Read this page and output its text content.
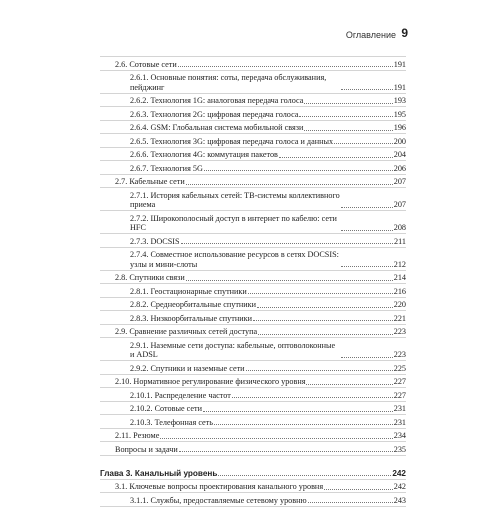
Оглавление 9
2.6. Сотовые сети	191
2.6.1. Основные понятия: соты, передача обслуживания, пейджинг	191
2.6.2. Технология 1G: аналоговая передача голоса	193
2.6.3. Технология 2G: цифровая передача голоса	195
2.6.4. GSM: Глобальная система мобильной связи	196
2.6.5. Технология 3G: цифровая передача голоса и данных	200
2.6.6. Технология 4G: коммутация пакетов	204
2.6.7. Технология 5G	206
2.7. Кабельные сети	207
2.7.1. История кабельных сетей: ТВ-системы коллективного приема	207
2.7.2. Широкополосный доступ в интернет по кабелю: сети HFC	208
2.7.3. DOCSIS	211
2.7.4. Совместное использование ресурсов в сетях DOCSIS: узлы и мини-слоты	212
2.8. Спутники связи	214
2.8.1. Геостационарные спутники	216
2.8.2. Среднеорбитальные спутники	220
2.8.3. Низкоорбитальные спутники	221
2.9. Сравнение различных сетей доступа	223
2.9.1. Наземные сети доступа: кабельные, оптоволоконные и ADSL	223
2.9.2. Спутники и наземные сети	225
2.10. Нормативное регулирование физического уровня	227
2.10.1. Распределение частот	227
2.10.2. Сотовые сети	231
2.10.3. Телефонная сеть	231
2.11. Резюме	234
Вопросы и задачи	235
Глава 3. Канальный уровень	242
3.1. Ключевые вопросы проектирования канального уровня	242
3.1.1. Службы, предоставляемые сетевому уровню	243
